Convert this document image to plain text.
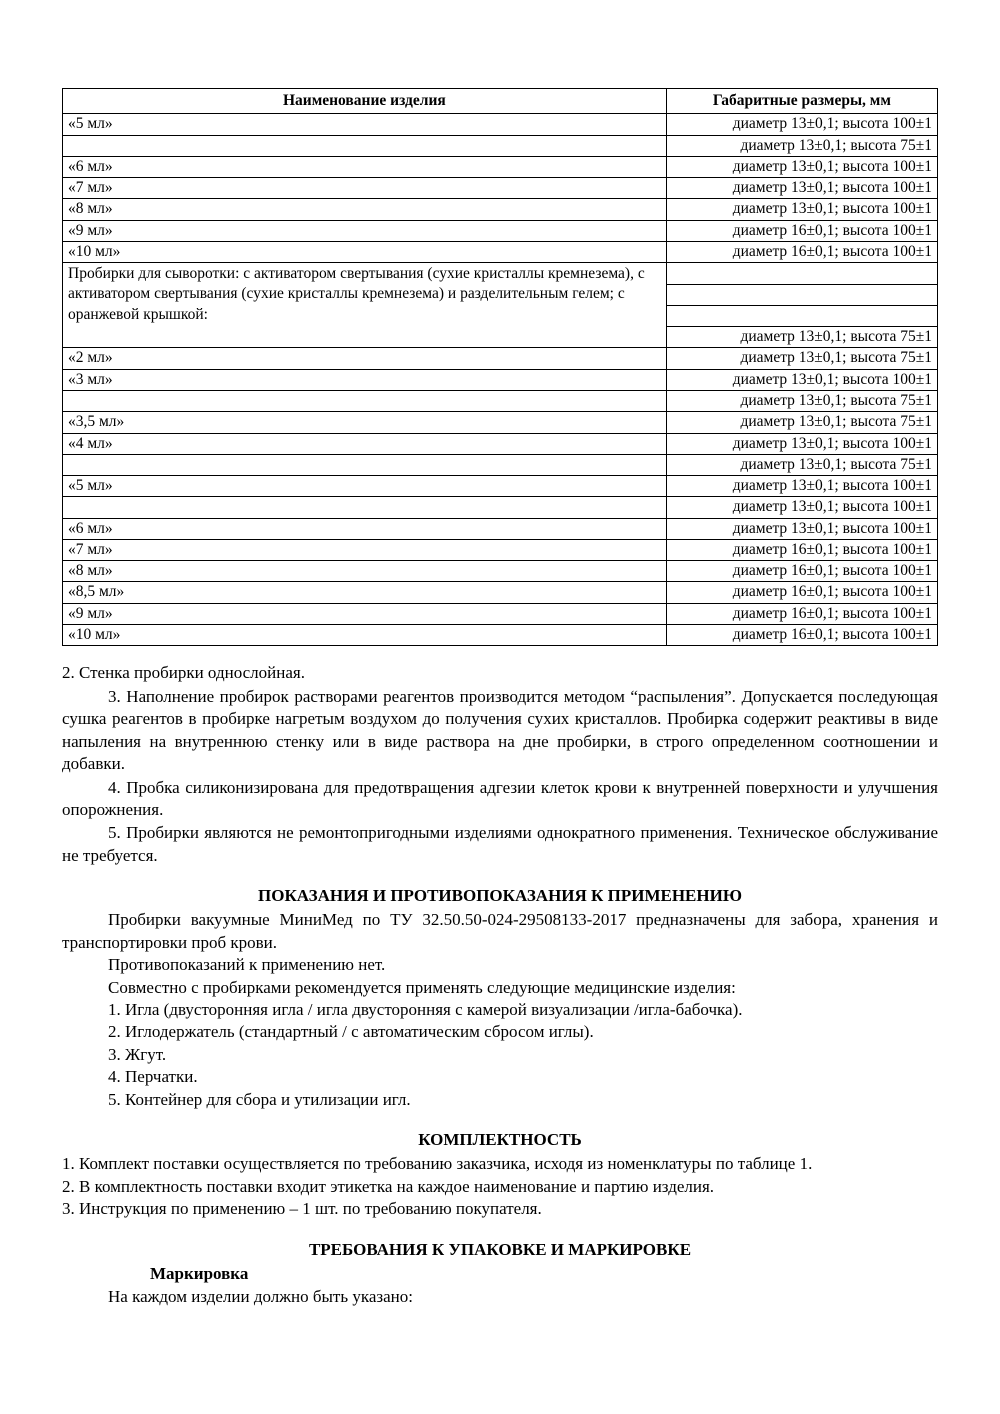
Наименование изделия	Габаритные размеры, мм
«5 мл»	диаметр 13±0,1; высота 100±1
	диаметр 13±0,1; высота 75±1
«6 мл»	диаметр 13±0,1; высота 100±1
«7 мл»	диаметр 13±0,1; высота 100±1
«8 мл»	диаметр 13±0,1; высота 100±1
«9 мл»	диаметр 16±0,1; высота 100±1
«10 мл»	диаметр 16±0,1; высота 100±1
Пробирки для сыворотки: с активатором свертывания (сухие кристаллы кремнезема), с активатором свертывания (сухие кристаллы кремнезема) и разделительным гелем; с оранжевой крышкой:	

	диаметр 13±0,1; высота 75±1
«2 мл»	диаметр 13±0,1; высота 75±1
«3 мл»	диаметр 13±0,1; высота 100±1
	диаметр 13±0,1; высота 75±1
«3,5 мл»	диаметр 13±0,1; высота 75±1
«4 мл»	диаметр 13±0,1; высота 100±1
	диаметр 13±0,1; высота 75±1
«5 мл»	диаметр 13±0,1; высота 100±1
	диаметр 13±0,1; высота 100±1
«6 мл»	диаметр 13±0,1; высота 100±1
«7 мл»	диаметр 16±0,1; высота 100±1
«8 мл»	диаметр 16±0,1; высота 100±1
«8,5 мл»	диаметр 16±0,1; высота 100±1
«9 мл»	диаметр 16±0,1; высота 100±1
«10 мл»	диаметр 16±0,1; высота 100±1

2. Стенка пробирки однослойная.

3. Наполнение пробирок растворами реагентов производится методом “распыления”. Допускается последующая сушка реагентов в пробирке нагретым воздухом до получения сухих кристаллов. Пробирка содержит реактивы в виде напыления на внутреннюю стенку или в виде раствора на дне пробирки, в строго определенном соотношении и добавки.

4. Пробка силиконизирована для предотвращения адгезии клеток крови к внутренней поверхности и улучшения опорожнения.

5. Пробирки являются не ремонтопригодными изделиями однократного применения. Техническое обслуживание не требуется.

ПОКАЗАНИЯ И ПРОТИВОПОКАЗАНИЯ К ПРИМЕНЕНИЮ

Пробирки вакуумные МиниМед по ТУ 32.50.50-024-29508133-2017 предназначены для забора, хранения и транспортировки проб крови.

Противопоказаний к применению нет.

Совместно с пробирками рекомендуется применять следующие медицинские изделия:

1. Игла (двусторонняя игла / игла двусторонняя с камерой визуализации /игла-бабочка).
2. Иглодержатель (стандартный / с автоматическим сбросом иглы).
3. Жгут.
4. Перчатки.
5. Контейнер для сбора и утилизации игл.
КОМПЛЕКТНОСТЬ

1. Комплект поставки осуществляется по требованию заказчика, исходя из номенклатуры по таблице 1.

2. В комплектность поставки входит этикетка на каждое наименование и партию изделия.

3. Инструкция по применению – 1 шт. по требованию покупателя.

ТРЕБОВАНИЯ К УПАКОВКЕ И МАРКИРОВКЕ
Маркировка

На каждом изделии должно быть указано:
